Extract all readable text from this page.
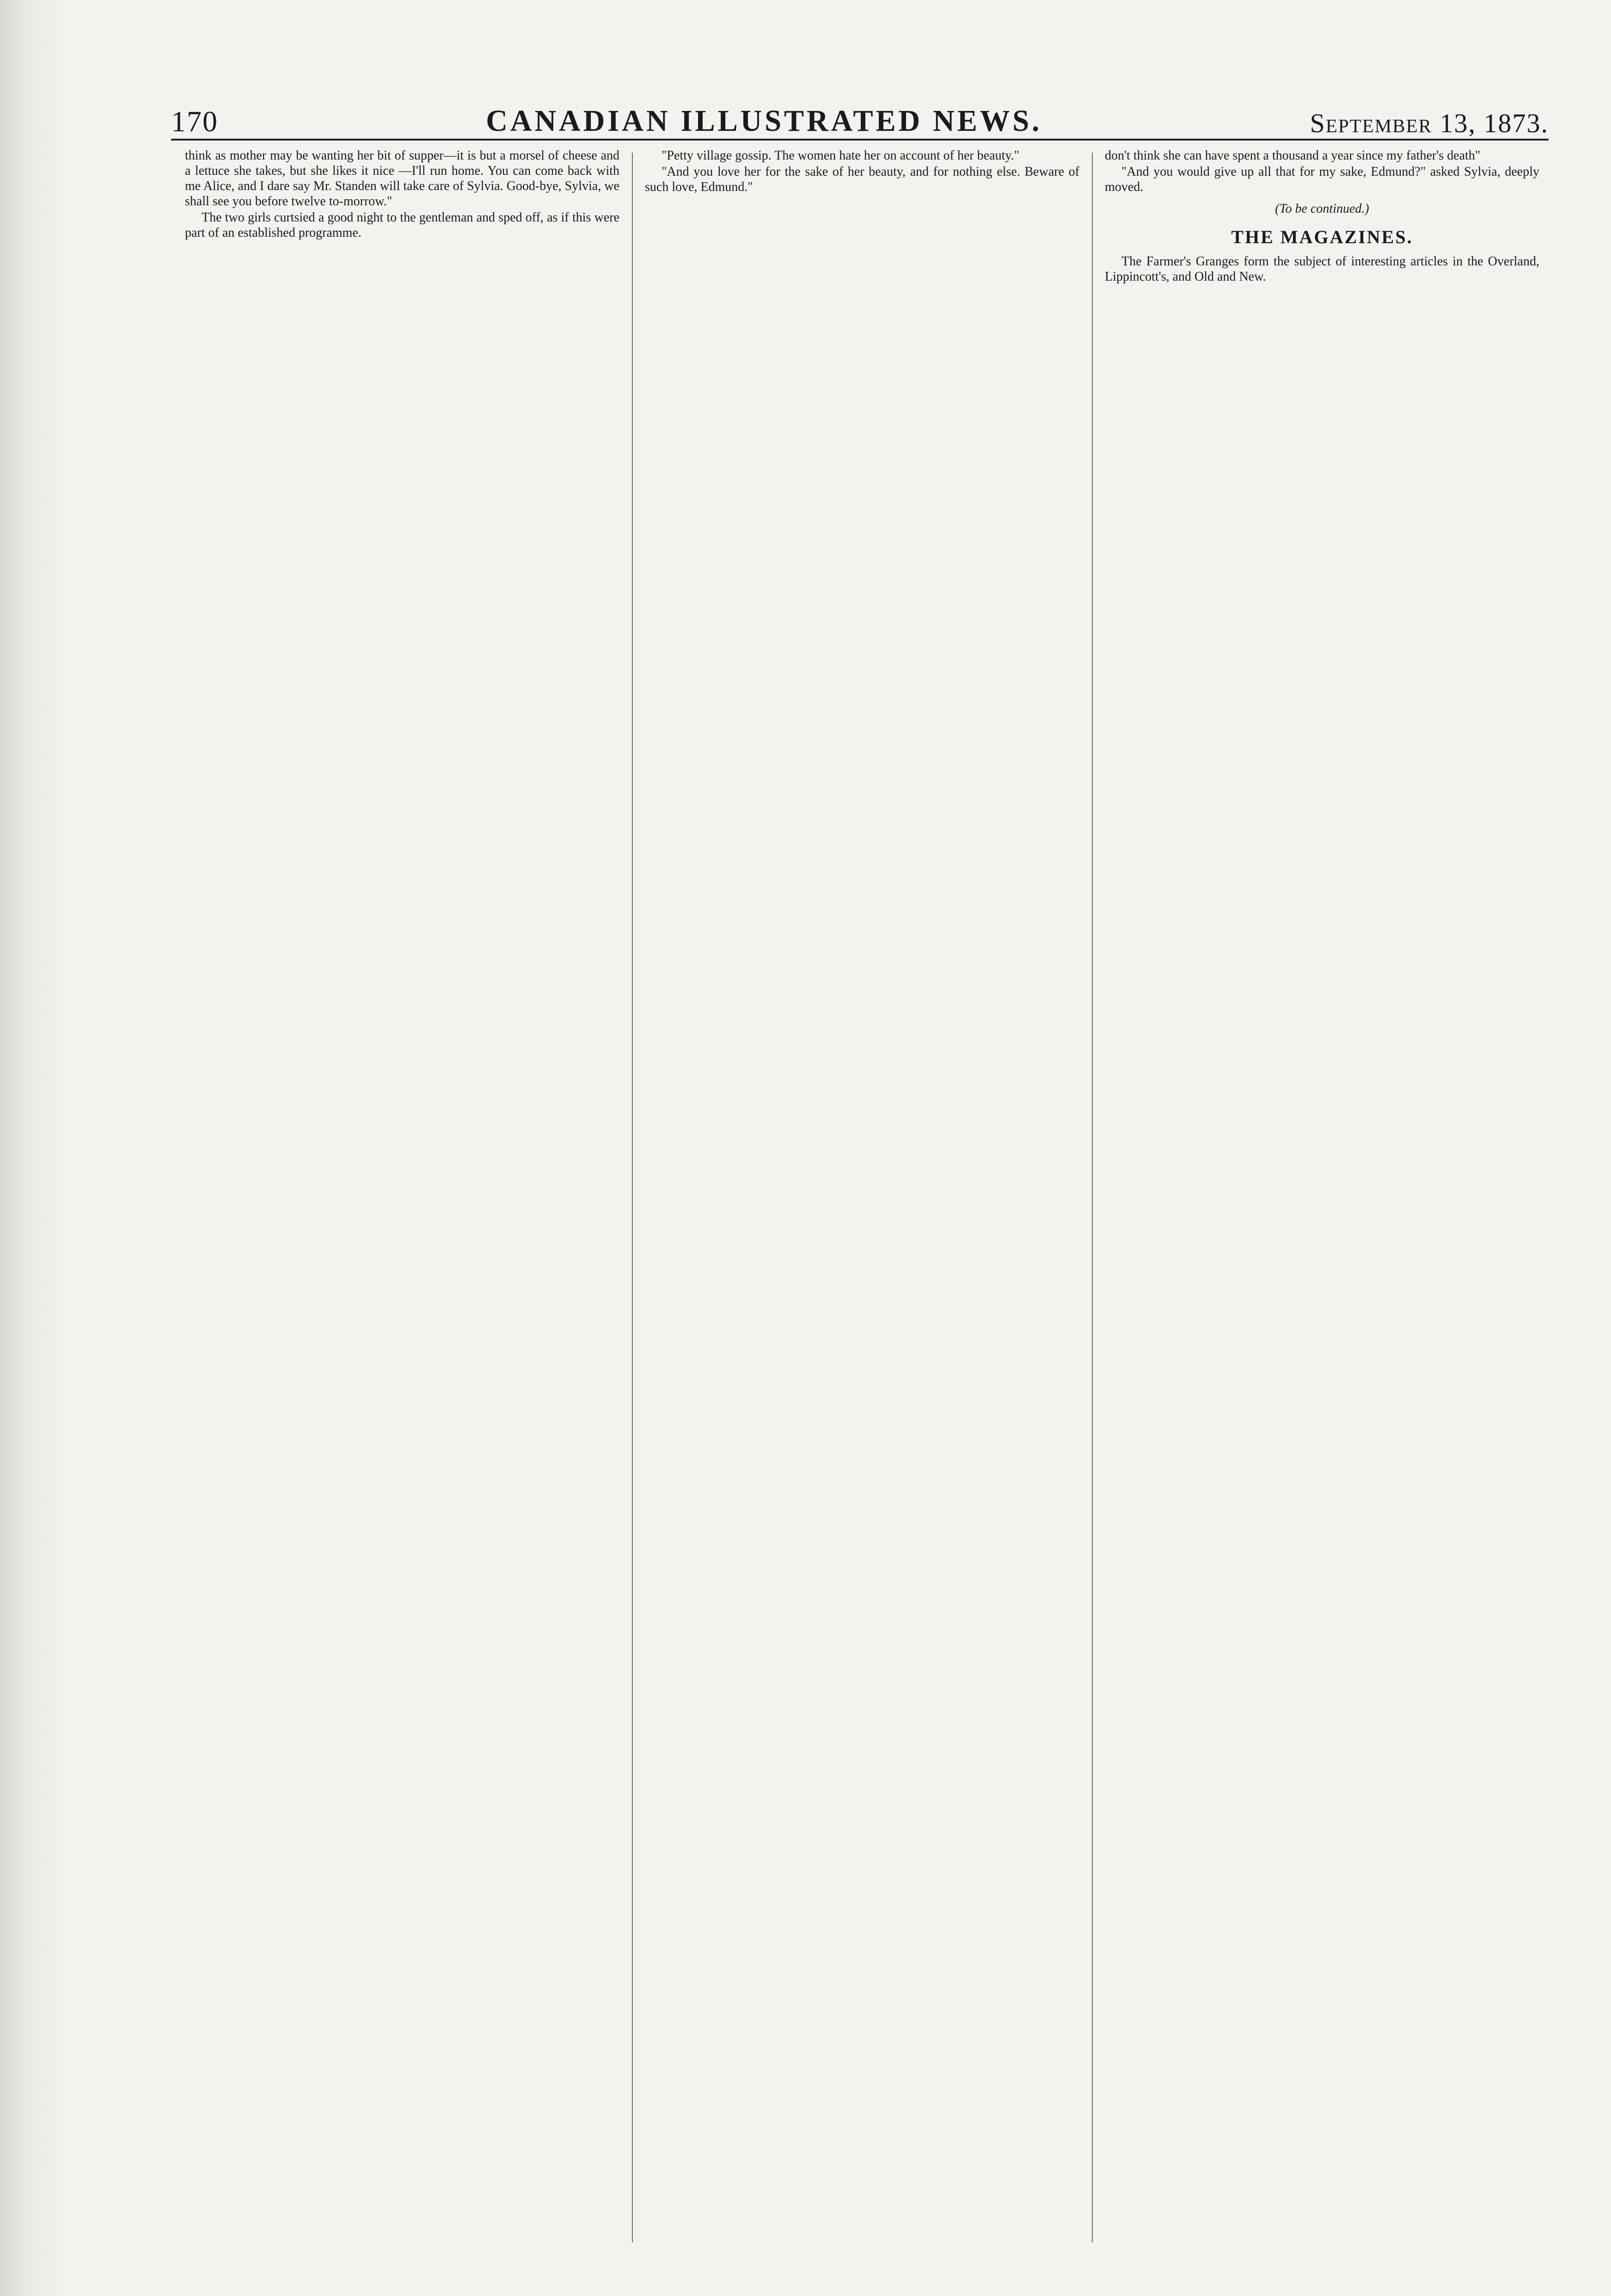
170	CANADIAN ILLUSTRATED NEWS.	September 13, 1873.

think as mother may be wanting her bit of supper—it is but a morsel of cheese and a lettuce she takes, but she likes it nice —I'll run home. You can come back with me Alice, and I dare say Mr. Standen will take care of Sylvia. Good-bye, Sylvia, we shall see you before twelve to-morrow."

The two girls curtsied a good night to the gentleman and sped off, as if this were part of an established programme.

"Petty village gossip. The women hate her on account of her beauty."

"And you love her for the sake of her beauty, and for nothing else. Beware of such love, Edmund."

don't think she can have spent a thousand a year since my father's death"

"And you would give up all that for my sake, Edmund?" asked Sylvia, deeply moved.

(To be continued.)
THE MAGAZINES.

The Farmer's Granges form the subject of interesting articles in the Overland, Lippincott's, and Old and New.
